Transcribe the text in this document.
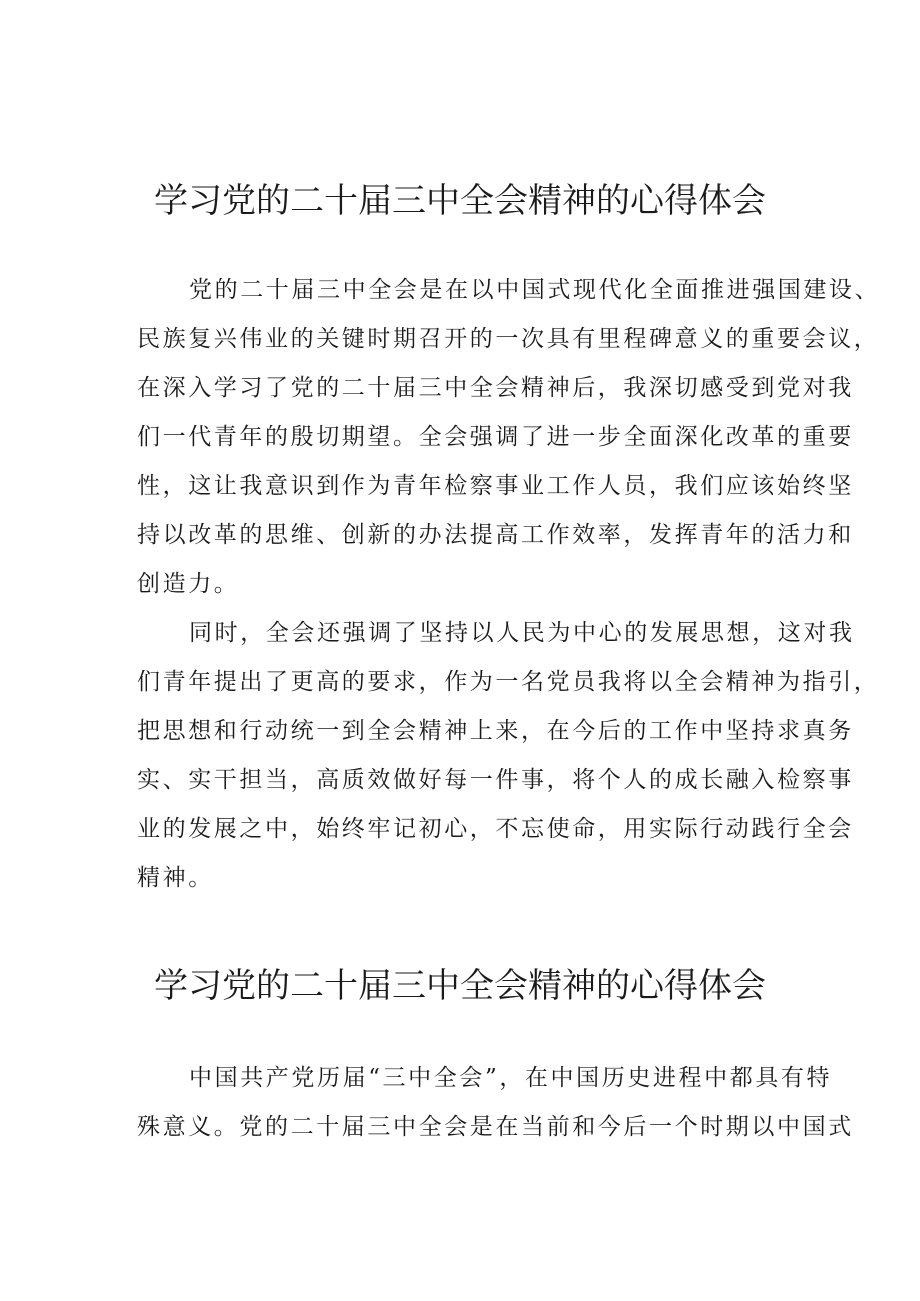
学习党的二十届三中全会精神的心得体会

党的二十届三中全会是在以中国式现代化全面推进强国建设、

民族复兴伟业的关键时期召开的一次具有里程碑意义的重要会议，

在深入学习了党的二十届三中全会精神后，我深切感受到党对我

们一代青年的殷切期望。全会强调了进一步全面深化改革的重要

性，这让我意识到作为青年检察事业工作人员，我们应该始终坚

持以改革的思维、创新的办法提高工作效率，发挥青年的活力和

创造力。

同时，全会还强调了坚持以人民为中心的发展思想，这对我

们青年提出了更高的要求，作为一名党员我将以全会精神为指引，

把思想和行动统一到全会精神上来，在今后的工作中坚持求真务

实、实干担当，高质效做好每一件事，将个人的成长融入检察事

业的发展之中，始终牢记初心，不忘使命，用实际行动践行全会

精神。

学习党的二十届三中全会精神的心得体会

中国共产党历届“三中全会”，在中国历史进程中都具有特

殊意义。党的二十届三中全会是在当前和今后一个时期以中国式
